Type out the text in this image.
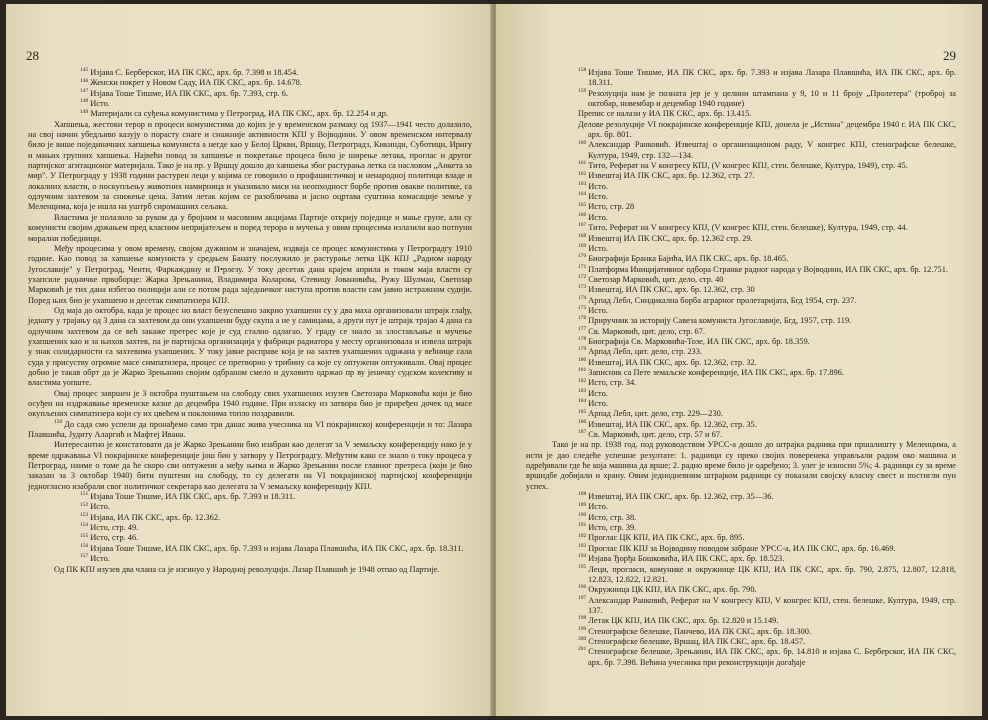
28

$^{145}$ Изјава С. Берберског, ИА ПК СКС, арх. бр. 7.398 и 18.454.

$^{146}$ Женски покрет у Новом Саду, ИА ПК СКС, арх. бр. 14.678.

$^{147}$ Изјава Тоше Тишме, ИА ПК СКС, арх. бр. 7.393, стр. 6.

$^{148}$ Исто.

$^{149}$ Материјали са суђења комунистима у Петроград, ИА ПК СКС, арх. бр. 12.254 и др.

Хапшења, жестоки терор и процеси комунистима до којих је у временском размаку од 1937—1941 често долазило, на свој начин убедљиво казују о порасту снаге и снажније активности КПЈ у Војводини. У овом временском интервалу било је више појединачних хапшења комуниста а негде као у Белој Цркви, Вршцу, Петроградз, Кикинди, Суботици, Иригу и мањих групних хапшења. Највећи повод за хапшење и покретање процеса било је ширење летака, проглас и другог партијског агитационог материјала. Тако је на пр. у Вршцу дошло до хапшења због растурања летка са насловом „Анкета за мир". У Петрограду у 1938 години растурен леци у којима се говорило о профашистичкој и ненародној политици владе и локалних власти, о поскупљењу животних намирница и указивало маси на неопходност борбе против овакве политике, са одлучним захтевом за снижење цена. Затим летак којим се разобличава и јасно оцртава суштина комасације земље у Меленцима, која је ишла на уштрб сиромашних сељака.

Властима је полазило за руком да у бројним и масовним акцијама Партије открију поједнце и мање групе, али су комунисти својим држањем пред класним непријатељем и поред терора и мучења у овим процесима излазили као потпуни морални победници.

Међу процесима у овом времену, својом дужином и значајем, издваја се процес комунистима у Петроградгу 1910 године. Као повод за хапшење комуниста у средњем Банату послужило је растурање летка ЦК КПЈ „Радном народу Југославије" у Петроград, Ченти, Фаркаждину и П•рлезу. У току десетак дана крајем априла и током маја власти су ухапсиле радничке првоборце: Жарка Зрењанина, Владимира Коларова, Стевицу Јовановића, Ружу Шулман, Светозар Марковић је тих дана избегао полицији али се потом рада заједничког наступа против власти сам јавио истражном судији. Поред њих био је ухапшено и десетак симпатизера КПЈ.

Од маја до октобра, када је процес но власт безуспешно закрио ухапшени су у два маха организовали штрајк глађу, једнату у трајању од 3 дана са захтевом да они ухапшени буду скупа а не у самицама, а други пут је штрајк трајао 4 дана са одлучним захтевом да се већ закаже претрес које је суд стално одлагао. У граду се знало за злостављање и мучење ухапшених као и за њихов захтев, па је партијска организација у фабрици радиатора у месту организовала и извела штрајк у знак солидарности са захтевима ухапшених. У току јавне расправе која је на захтев ухапшених одржана у већнице сала суда у присуству огромне масе симпатизера, процес се претворио у трибину са које су оптужени оптуживали. Овај процес добио је такав обрт да је Жарко Зрењанин својим одбраном смело и духовито одржао пр ву јеничку судском колективу и властима уопште.

Овај процес завршен је 3 октобра пуштањем на слободу свих ухапшених изузев Светозара Марковића који је био осуђен на издржавање временске казне до децембра 1940 године. При изласку из затвора био је приређен дочек од масе окупљених симпатизера који су их цвећем и поклонима топло поздравили.

$^{150}$ До сада смо успели да пронађемо само три данас жива учесника на VI покрајинској конференцији и то: Лазара Плавшића, Јудиту Аларгић и Мафтеј Ивана.

Интересантно је констатовати да је Жарко Зрењанин био изабран као делегат за V земаљску конференцију иако је у време одржавања VI покрајинске конференције још био у затвору у Петроградгу. Међутим како се знало о току процеса у Петроград, наиме о томе да ће скоро сви оптужени а међу њима и Жарко Зрењанин после главног претреса (који је био заказан за 3 октобар 1940) бити пуштени на слободу, то су делегати на VI покрајинској партијској конференцији једногласно изабрали свог политичког секретара као делегата за V земаљску конференцију КПЈ.

$^{151}$ Изјава Тоше Тишме, ИА ПК СКС, арх. бр. 7.393 и 18.311.

$^{152}$ Исто.

$^{153}$ Изјава, ИА ПК СКС, арх. бр. 12.362.

$^{154}$ Исто, стр. 49.

$^{155}$ Исто, стр. 46.

$^{156}$ Изјава Тоше Тишме, ИА ПК СКС, арх. бр. 7.393 и изјава Лазара Плавшића, ИА ПК СКС, арх. бр. 18.311.

$^{157}$ Исто.

Од ПК КПЈ изузев два члана са је изгинуо у Народној револуцији. Лазар Плавшић је 1948 отпао од Партије.

29

$^{158}$ Изјава Тоше Тишме, ИА ПК СКС, арх. бр. 7.393 и изјава Лазара Плавшића, ИА ПК СКС, арх. бр. 18.311.

$^{159}$ Резолуција нам је позната јер је у целини штампана у 9, 10 и 11 броју „Пролетера" (тробрoј за октобар, новембар и децембар 1940 године)

Препис се налази у ИА ПК СКС, арх. бр. 13.415.

Делове резолуције VI покрајинске конференције КПЈ, донела је „Истина" децембра 1940 г. ИА ПК СКС, арх. бр. 801.

$^{160}$ Александар Ранковић. Извештај о организационом раду, V конгрес КПЈ, стенографске белешке, Култура, 1949, стр. 132—134.

$^{161}$ Тито, Реферат на V конгресу КПЈ, (V конгрес КПЈ, стен. белешке, Култура, 1949), стр. 45.

$^{162}$ Извештај ИА ПК СКС, арх. бр. 12.362, стр. 27.

$^{163}$ Исто.

$^{164}$ Исто.

$^{165}$ Исто, стр. 28

$^{166}$ Исто.

$^{167}$ Тито, Реферат на V конгресу КПЈ, (V конгрес КПЈ, стен. белешке), Култура, 1949, стр. 44.

$^{168}$ Извештај ИА ПК СКС, арх. бр. 12.362 стр. 29.

$^{169}$ Исто.

$^{170}$ Биографија Бранка Бајића, ИА ПК СКС, арх. бр. 18.465.

$^{171}$ Платформа Иницијативног одбора Странке радног народа у Војводини, ИА ПК СКС, арх. бр. 12.751.

$^{172}$ Светозар Марковић, цит. дело, стр. 40

$^{173}$ Извештај, ИА ПК СКС, арх. бр. 12.362, стр. 30

$^{174}$ Арпад Лебл, Синдикална борба аграрног пролетаријата, Бгд 1954, стр. 237.

$^{175}$ Исто.

$^{176}$ Приручник за историју Савеза комуниста Југославије, Бгд, 1957, стр. 119.

$^{177}$ Св. Марковић, цит. дело, стр. 67.

$^{178}$ Биографија Св. Марковића-Тозе, ИА ПК СКС, арх. бр. 18.359.

$^{179}$ Арпад Лебл, цит. дело, стр. 233.

$^{180}$ Извештај, ИА ПК СКС, арх. бр. 12.362, стр. 32.

$^{181}$ Записник са Пете земаљске конференције, ИА ПК СКС, арх. бр. 17.896.

$^{182}$ Исто, стр. 34.

$^{183}$ Исто.

$^{184}$ Исто.

$^{185}$ Арпад Лебл, цит. дело, стр. 229—230.

$^{186}$ Извештај, ИА ПК СКС, арх. бр. 12.362, стр. 35.

$^{187}$ Св. Марковић, цит. дело, стр. 57 и 67.

Тако је на пр. 1938 год. под руководством УРСС-а дошло до штрајка радника при пршалишту у Меленцима, а исти је дао следеће успешне резултате: 1. радници су преко својих поверенека управљали радом око машина и одређивали где ће која машина да врше; 2. радно време било је одређено; 3. улег је износио 5%; 4. радници су за време вршидбе добијали и храну. Овим једнодневним штрајком радници су показали својску класну свест и постигли пун успех.

$^{188}$ Извештај, ИА ПК СКС, арх. бр. 12.362, стр. 35—36.

$^{189}$ Исто.

$^{190}$ Исто, стр. 38.

$^{191}$ Исто, стр. 39.

$^{192}$ Проглас ЦК КПЈ, ИА ПК СКС, арх. бр. 895.

$^{193}$ Проглас ПК КПЈ за Војводину поводом забране УРСС-а, ИА ПК СКС, арх. бр. 16.469.

$^{194}$ Изјава Ђорђа Бошковића, ИА ПК СКС, арх. бр. 18.523.

$^{195}$ Леци, прогласи, комунике и окружнице ЦК КПЈ, ИА ПК СКС, арх. бр. 790, 2.875, 12.807, 12.818, 12.823, 12.822, 12.821.

$^{196}$ Окружница ЦК КПЈ, ИА ПК СКС, арх. бр. 790.

$^{197}$ Александар Ранковић, Реферат на V конгресу КПЈ, V конгрес КПЈ, стен. белешке, Култура, 1949, стр. 137.

$^{198}$ Летак ЦК КПЈ, ИА ПК СКС, арх. бр. 12.820 и 15.149.

$^{199}$ Стенографске белешке, Панчево, ИА ПК СКС, арх. бр. 18.300.

$^{200}$ Стенографске белешке, Вршац, ИА ПК СКС, арх. бр. 18.457.

$^{201}$ Стенографске белешке, Зрењанин, ИА ПК СКС, арх. бр. 14.810 и изјава С. Берберског, ИА ПК СКС, арх. бр. 7.398. Већина учесника при реконструкцији догађаје
